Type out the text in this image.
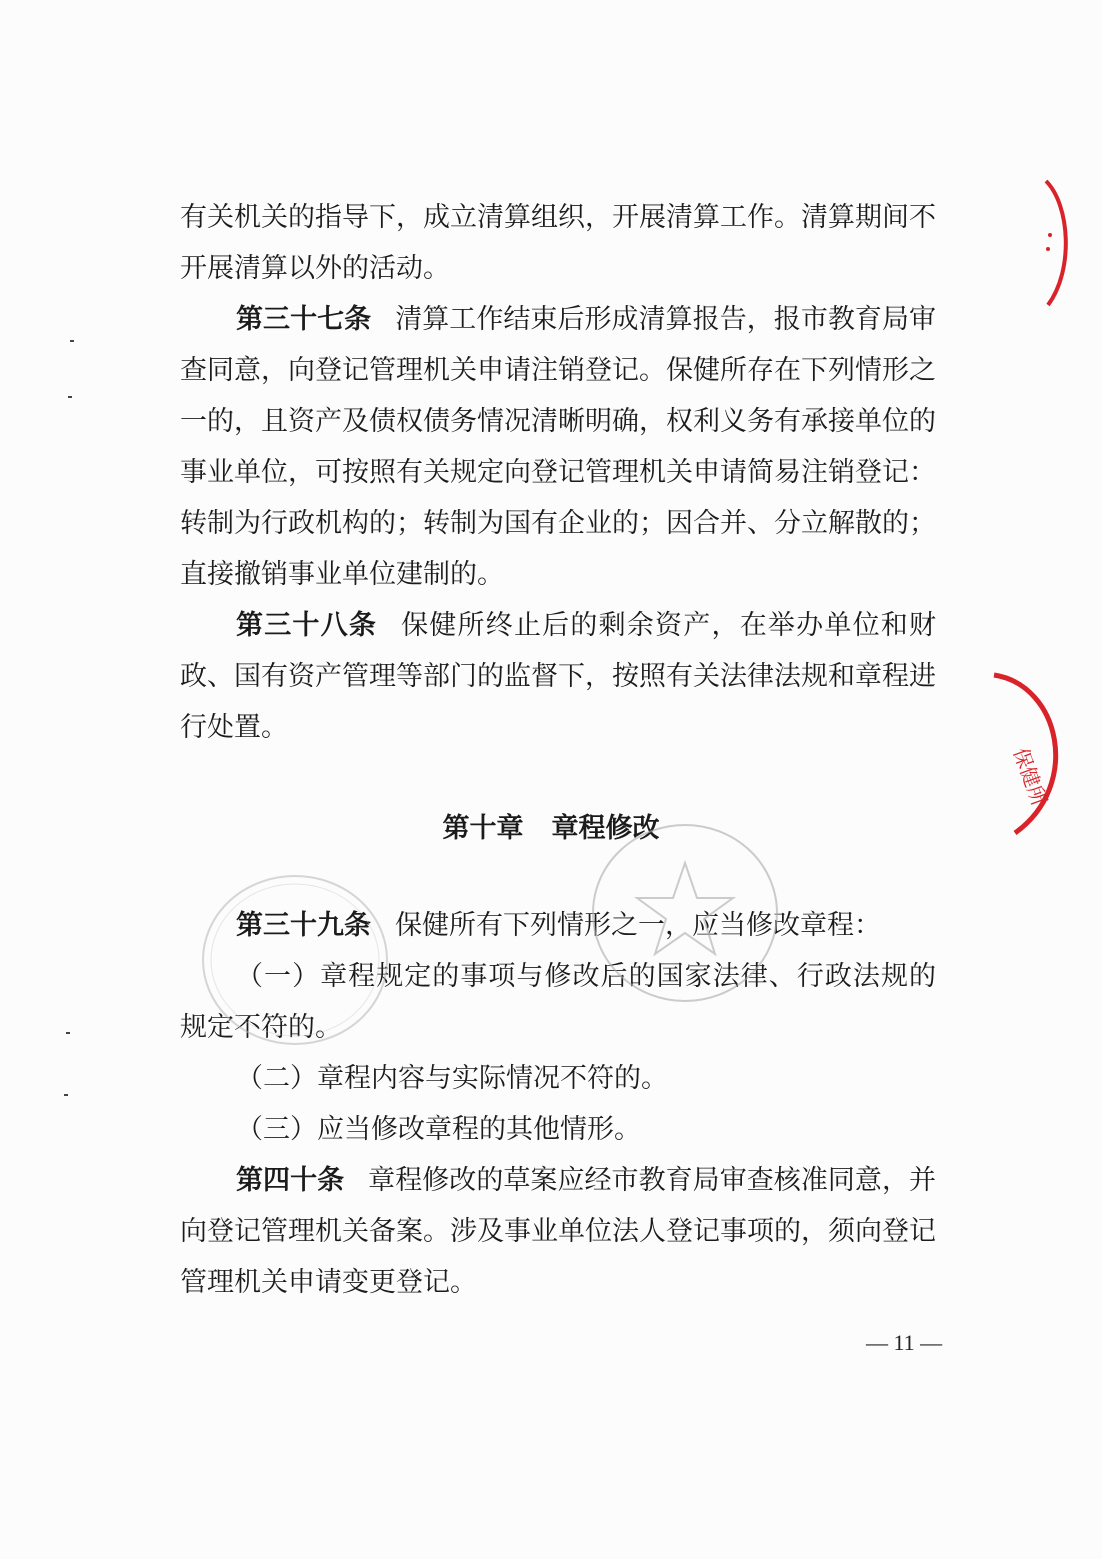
有关机关的指导下，成立清算组织，开展清算工作。清算期间不开展清算以外的活动。

第三十七条 清算工作结束后形成清算报告，报市教育局审查同意，向登记管理机关申请注销登记。保健所存在下列情形之一的，且资产及债权债务情况清晰明确，权利义务有承接单位的事业单位，可按照有关规定向登记管理机关申请简易注销登记：转制为行政机构的；转制为国有企业的；因合并、分立解散的；直接撤销事业单位建制的。

第三十八条 保健所终止后的剩余资产，在举办单位和财政、国有资产管理等部门的监督下，按照有关法律法规和章程进行处置。

第十章 章程修改

第三十九条 保健所有下列情形之一，应当修改章程：

（一）章程规定的事项与修改后的国家法律、行政法规的规定不符的。

（二）章程内容与实际情况不符的。

（三）应当修改章程的其他情形。

第四十条 章程修改的草案应经市教育局审查核准同意，并向登记管理机关备案。涉及事业单位法人登记事项的，须向登记管理机关申请变更登记。

— 11 —
保健所
